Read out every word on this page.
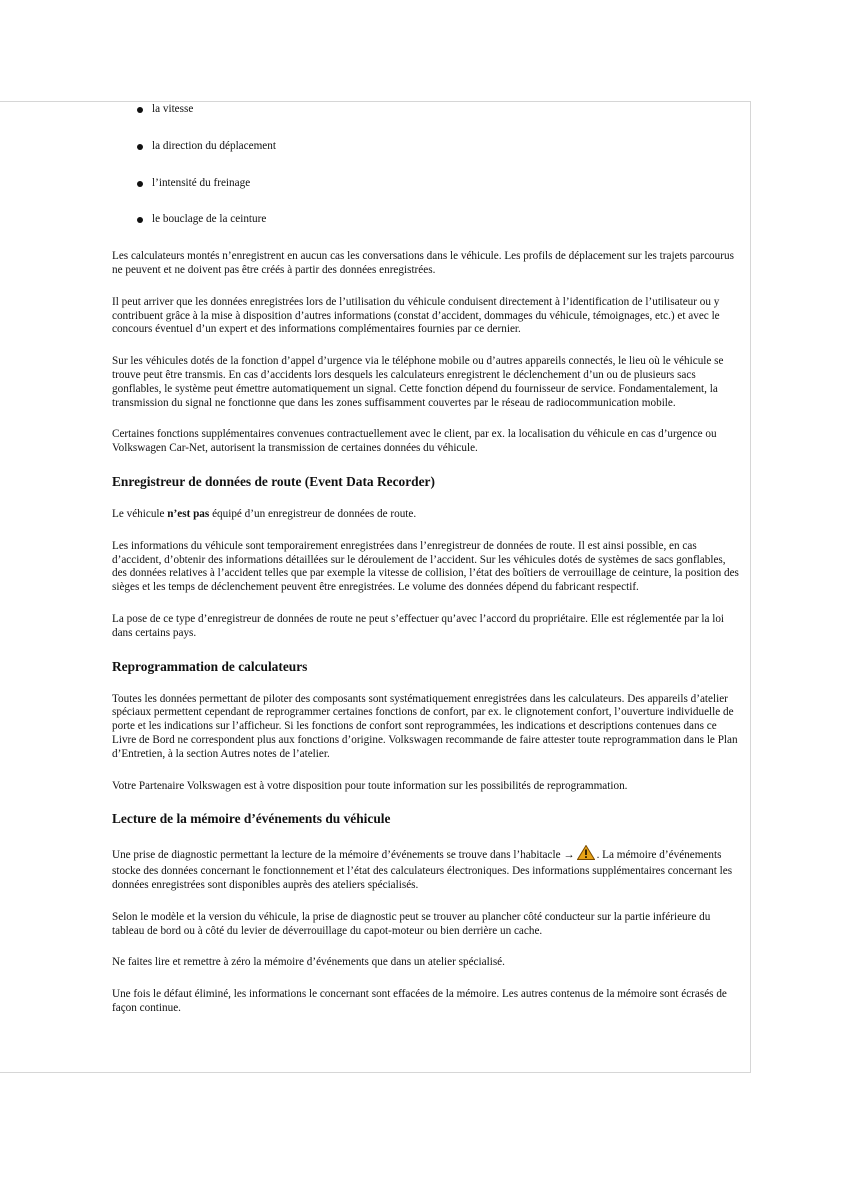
la vitesse
la direction du déplacement
l’intensité du freinage
le bouclage de la ceinture

Les calculateurs montés n’enregistrent en aucun cas les conversations dans le véhicule. Les profils de déplacement sur les trajets parcourus ne peuvent et ne doivent pas être créés à partir des données enregistrées.

Il peut arriver que les données enregistrées lors de l’utilisation du véhicule conduisent directement à l’identification de l’utilisateur ou y contribuent grâce à la mise à disposition d’autres informations (constat d’accident, dommages du véhicule, témoignages, etc.) et avec le concours éventuel d’un expert et des informations complémentaires fournies par ce dernier.

Sur les véhicules dotés de la fonction d’appel d’urgence via le téléphone mobile ou d’autres appareils connectés, le lieu où le véhicule se trouve peut être transmis. En cas d’accidents lors desquels les calculateurs enregistrent le déclenchement d’un ou de plusieurs sacs gonflables, le système peut émettre automatiquement un signal. Cette fonction dépend du fournisseur de service. Fondamentalement, la transmission du signal ne fonctionne que dans les zones suffisamment couvertes par le réseau de radiocommunication mobile.

Certaines fonctions supplémentaires convenues contractuellement avec le client, par ex. la localisation du véhicule en cas d’urgence ou Volkswagen Car-Net, autorisent la transmission de certaines données du véhicule.

Enregistreur de données de route (Event Data Recorder)

Le véhicule n’est pas équipé d’un enregistreur de données de route.

Les informations du véhicule sont temporairement enregistrées dans l’enregistreur de données de route. Il est ainsi possible, en cas d’accident, d’obtenir des informations détaillées sur le déroulement de l’accident. Sur les véhicules dotés de systèmes de sacs gonflables, des données relatives à l’accident telles que par exemple la vitesse de collision, l’état des boîtiers de verrouillage de ceinture, la position des sièges et les temps de déclenchement peuvent être enregistrées. Le volume des données dépend du fabricant respectif.

La pose de ce type d’enregistreur de données de route ne peut s’effectuer qu’avec l’accord du propriétaire. Elle est réglementée par la loi dans certains pays.

Reprogrammation de calculateurs

Toutes les données permettant de piloter des composants sont systématiquement enregistrées dans les calculateurs. Des appareils d’atelier spéciaux permettent cependant de reprogrammer certaines fonctions de confort, par ex. le clignotement confort, l’ouverture individuelle de porte et les indications sur l’afficheur. Si les fonctions de confort sont reprogrammées, les indications et descriptions contenues dans ce Livre de Bord ne correspondent plus aux fonctions d’origine. Volkswagen recommande de faire attester toute reprogrammation dans le Plan d’Entretien, à la section Autres notes de l’atelier.

Votre Partenaire Volkswagen est à votre disposition pour toute information sur les possibilités de reprogrammation.

Lecture de la mémoire d’événements du véhicule

Une prise de diagnostic permettant la lecture de la mémoire d’événements se trouve dans l’habitacle → . La mémoire d’événements stocke des données concernant le fonctionnement et l’état des calculateurs électroniques. Des informations supplémentaires concernant les données enregistrées sont disponibles auprès des ateliers spécialisés.

Selon le modèle et la version du véhicule, la prise de diagnostic peut se trouver au plancher côté conducteur sur la partie inférieure du tableau de bord ou à côté du levier de déverrouillage du capot-moteur ou bien derrière un cache.

Ne faites lire et remettre à zéro la mémoire d’événements que dans un atelier spécialisé.

Une fois le défaut éliminé, les informations le concernant sont effacées de la mémoire. Les autres contenus de la mémoire sont écrasés de façon continue.
